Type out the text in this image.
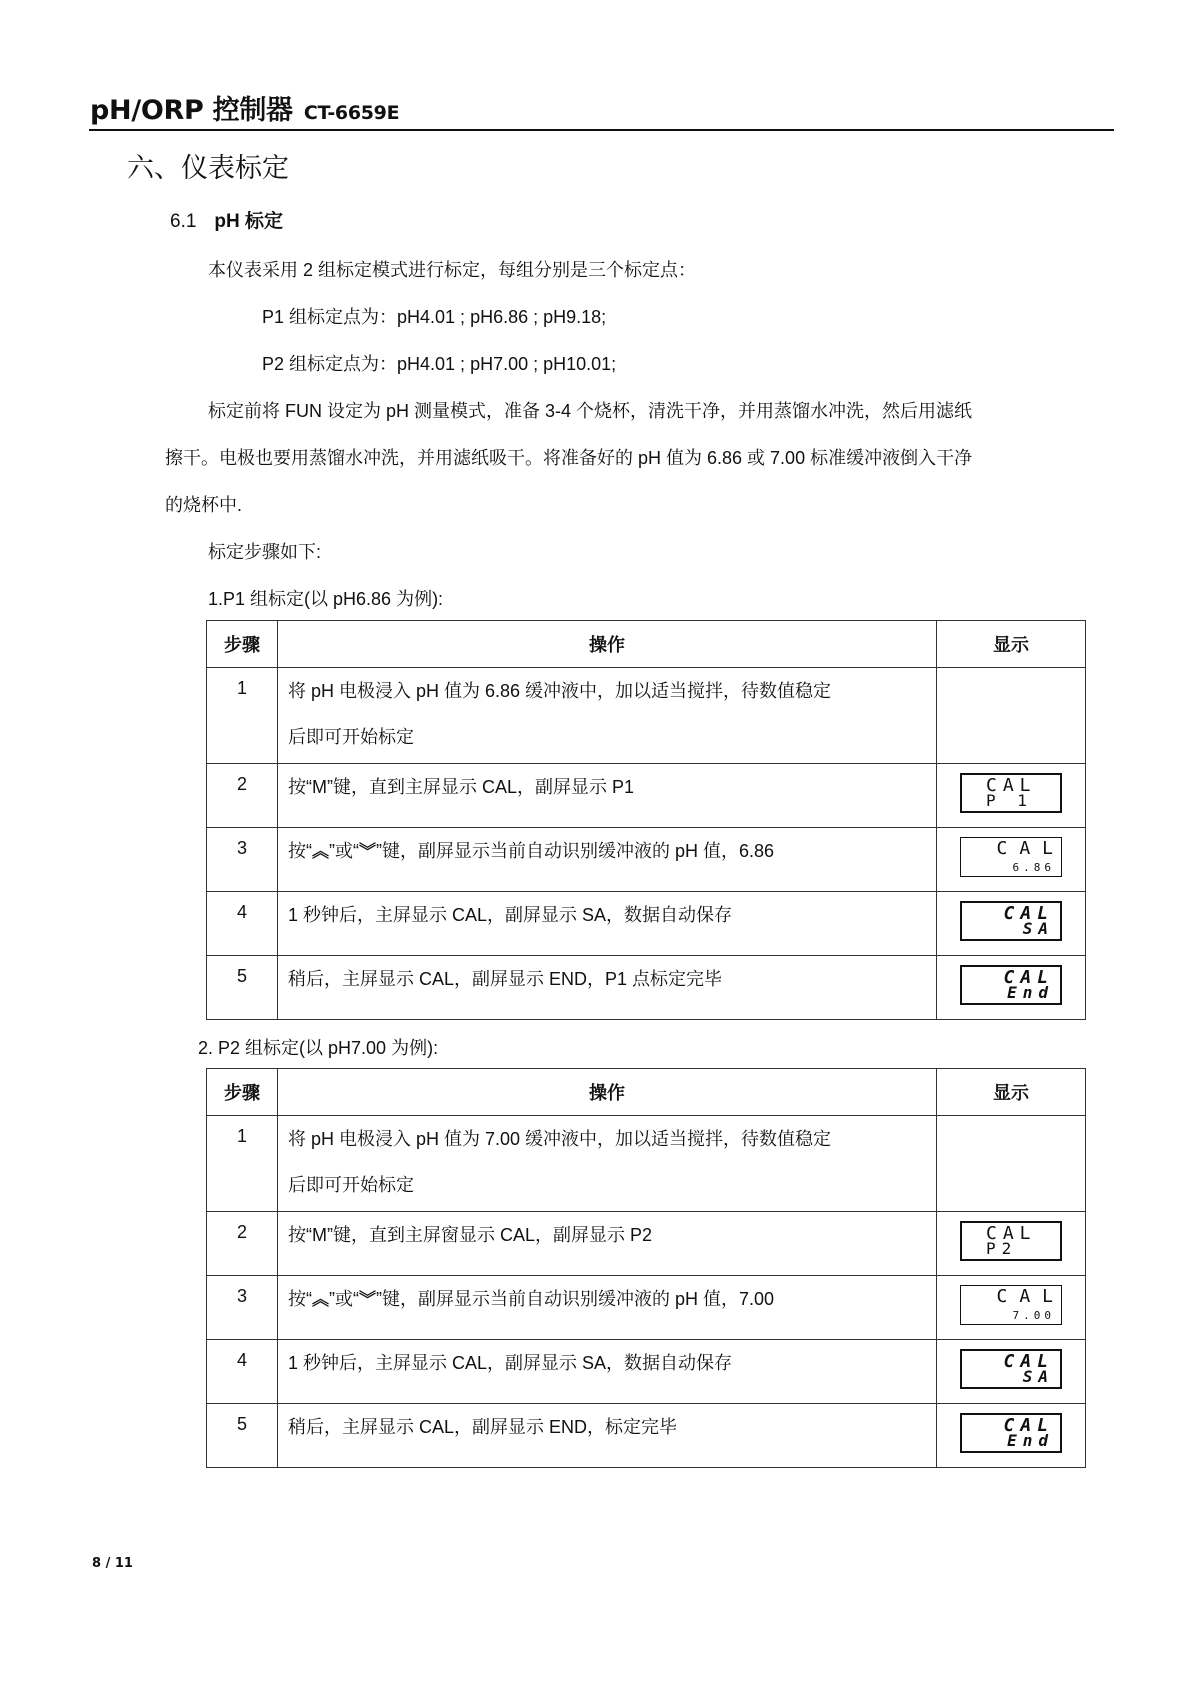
pH/ORP 控制器 CT-6659E
六、仪表标定
6.1 pH 标定
本仪表采用 2 组标定模式进行标定，每组分别是三个标定点：
P1 组标定点为：pH4.01 ; pH6.86 ; pH9.18;
P2 组标定点为：pH4.01 ; pH7.00 ; pH10.01;
标定前将 FUN 设定为 pH 测量模式，准备 3-4 个烧杯，清洗干净，并用蒸馏水冲洗，然后用滤纸
擦干。电极也要用蒸馏水冲洗，并用滤纸吸干。将准备好的 pH 值为 6.86 或 7.00 标准缓冲液倒入干净
的烧杯中.
标定步骤如下:
1.P1 组标定(以 pH6.86 为例):
步骤	操作	显示
1	将 pH 电极浸入 pH 值为 6.86 缓冲液中，加以适当搅拌，待数值稳定
后即可开始标定	

2	按“M”键，直到主屏显示 CAL，副屏显示 P1	CAL
P 1

3	按“︽”或“︾”键，副屏显示当前自动识别缓冲液的 pH 值，6.86	CAL
6.86

4	1 秒钟后，主屏显示 CAL，副屏显示 SA，数据自动保存	CAL
SA

5	稍后，主屏显示 CAL，副屏显示 END，P1 点标定完毕	CAL
End
2. P2 组标定(以 pH7.00 为例):
步骤	操作	显示
1	将 pH 电极浸入 pH 值为 7.00 缓冲液中，加以适当搅拌，待数值稳定
后即可开始标定	

2	按“M”键，直到主屏窗显示 CAL，副屏显示 P2	CAL
P2

3	按“︽”或“︾”键，副屏显示当前自动识别缓冲液的 pH 值，7.00	CAL
7.00

4	1 秒钟后，主屏显示 CAL，副屏显示 SA，数据自动保存	CAL
SA

5	稍后，主屏显示 CAL，副屏显示 END，标定完毕	CAL
End
8 / 11
